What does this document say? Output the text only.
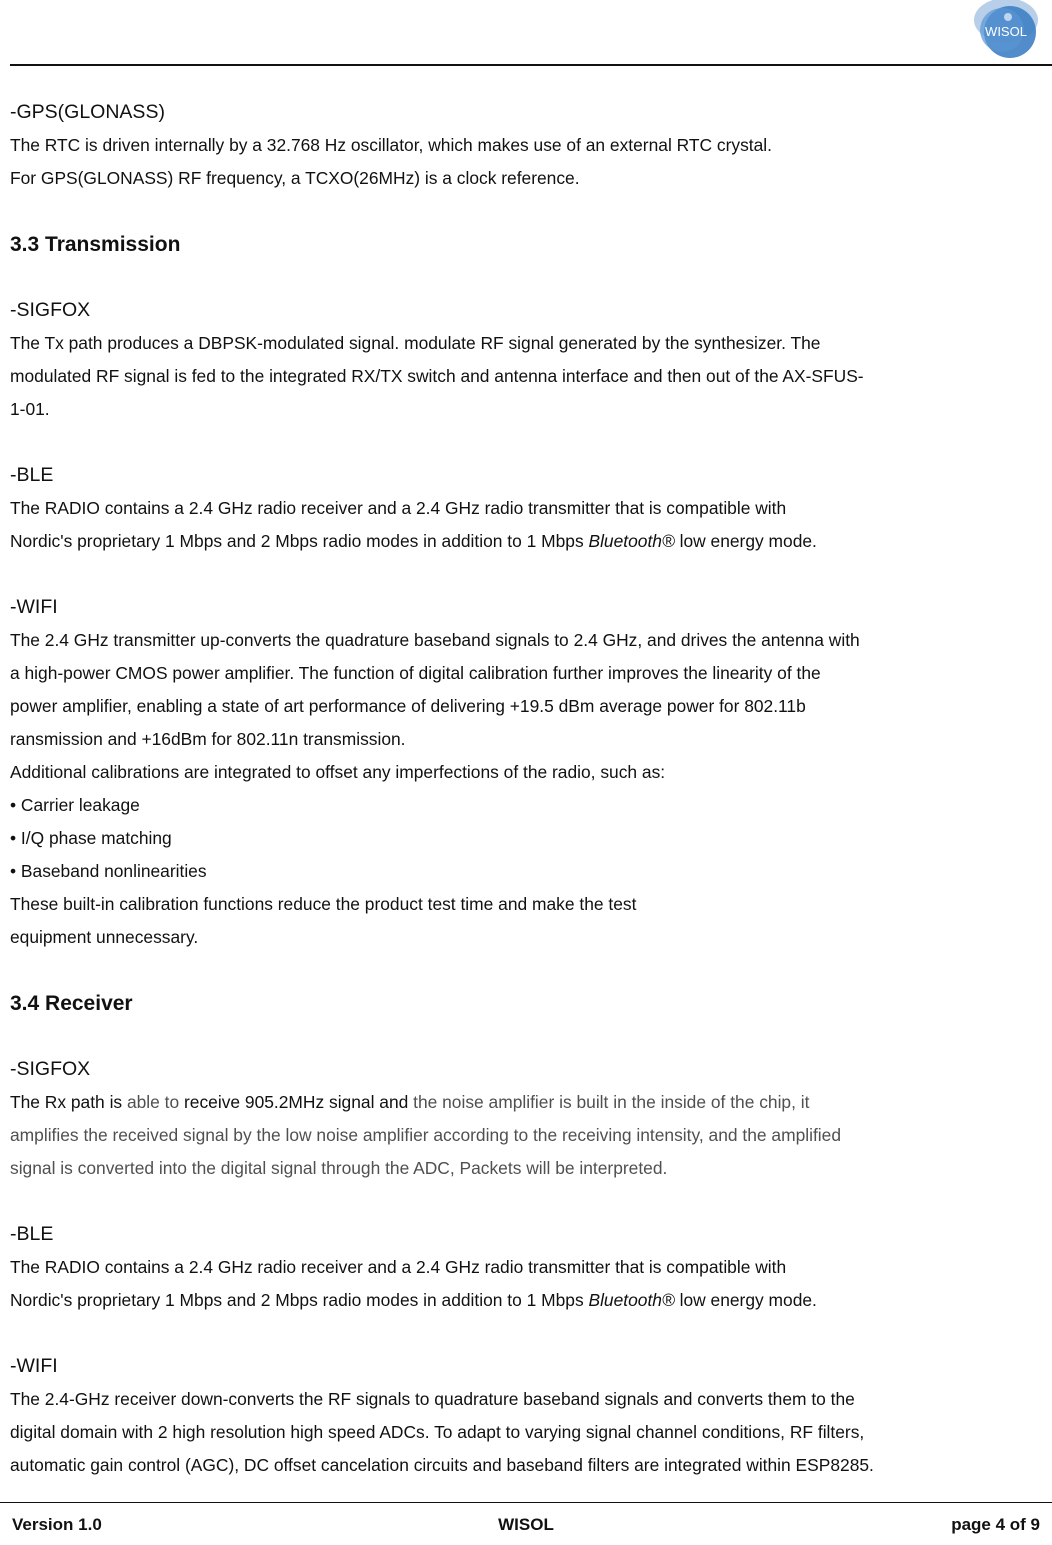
WISOL

-GPS(GLONASS)

The RTC is driven internally by a 32.768 Hz oscillator, which makes use of an external RTC crystal.

For GPS(GLONASS) RF frequency, a TCXO(26MHz) is a clock reference.

3.3 Transmission

-SIGFOX

The Tx path produces a DBPSK-modulated signal. modulate RF signal generated by the synthesizer. The

modulated RF signal is fed to the integrated RX/TX switch and antenna interface and then out of the AX-SFUS-

1-01.

-BLE

The RADIO contains a 2.4 GHz radio receiver and a 2.4 GHz radio transmitter that is compatible with

Nordic's proprietary 1 Mbps and 2 Mbps radio modes in addition to 1 Mbps Bluetooth® low energy mode.

-WIFI

The 2.4 GHz transmitter up-converts the quadrature baseband signals to 2.4 GHz, and drives the antenna with

a high-power CMOS power amplifier. The function of digital calibration further improves the linearity of the

power amplifier, enabling a state of art performance of delivering +19.5 dBm average power for 802.11b

ransmission and +16dBm for 802.11n transmission.

Additional calibrations are integrated to offset any imperfections of the radio, such as:

• Carrier leakage

• I/Q phase matching

• Baseband nonlinearities

These built-in calibration functions reduce the product test time and make the test

equipment unnecessary.

3.4 Receiver

-SIGFOX

The Rx path is able to receive 905.2MHz signal and the noise amplifier is built in the inside of the chip, it

amplifies the received signal by the low noise amplifier according to the receiving intensity, and the amplified

signal is converted into the digital signal through the ADC, Packets will be interpreted.

-BLE

The RADIO contains a 2.4 GHz radio receiver and a 2.4 GHz radio transmitter that is compatible with

Nordic's proprietary 1 Mbps and 2 Mbps radio modes in addition to 1 Mbps Bluetooth® low energy mode.

-WIFI

The 2.4-GHz receiver down-converts the RF signals to quadrature baseband signals and converts them to the

digital domain with 2 high resolution high speed ADCs. To adapt to varying signal channel conditions, RF filters,

automatic gain control (AGC), DC offset cancelation circuits and baseband filters are integrated within ESP8285.

Version 1.0	WISOL	page 4 of 9
